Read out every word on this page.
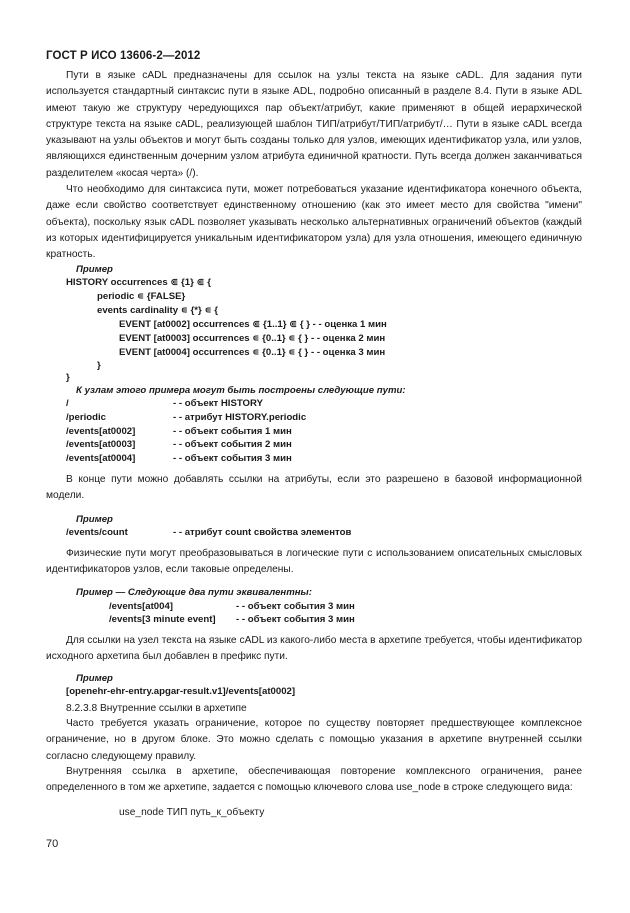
ГОСТ Р ИСО 13606-2—2012
Пути в языке cADL предназначены для ссылок на узлы текста на языке cADL. Для задания пути используется стандартный синтаксис пути в языке ADL, подробно описанный в разделе 8.4. Пути в языке ADL имеют такую же структуру чередующихся пар объект/атрибут, какие применяют в общей иерархической структуре текста на языке cADL, реализующей шаблон ТИП/атрибут/ТИП/атрибут/… Пути в языке cADL всегда указывают на узлы объектов и могут быть созданы только для узлов, имеющих идентификатор узла, или узлов, являющихся единственным дочерним узлом атрибута единичной кратности. Путь всегда должен заканчиваться разделителем «косая черта» (/).
Что необходимо для синтаксиса пути, может потребоваться указание идентификатора конечного объекта, даже если свойство соответствует единственному отношению (как это имеет место для свойства "имени" объекта), поскольку язык cADL позволяет указывать несколько альтернативных ограничений объектов (каждый из которых идентифицируется уникальным идентификатором узла) для узла отношения, имеющего единичную кратность.
Пример
HISTORY occurrences ⋐ {1} ⋐ {
periodic ∊ {FALSE}
events cardinality ∊ {*} ∊ {
EVENT [at0002] occurrences ⋐ {1..1} ⋐ { } - - оценка 1 мин
EVENT [at0003] occurrences ∊ {0..1} ∊ { } - - оценка 2 мин
EVENT [at0004] occurrences ∊ {0..1} ∊ { } - - оценка 3 мин
}
}
К узлам этого примера могут быть построены следующие пути:
/	- - объект HISTORY
/periodic	- - атрибут HISTORY.periodic
/events[at0002]	- - объект события 1 мин
/events[at0003]	- - объект события 2 мин
/events[at0004]	- - объект события 3 мин
В конце пути можно добавлять ссылки на атрибуты, если это разрешено в базовой информационной модели.
Пример
/events/count	- - атрибут count свойства элементов
Физические пути могут преобразовываться в логические пути с использованием описательных смысловых идентификаторов узлов, если таковые определены.
Пример — Следующие два пути эквивалентны:
/events[at004]	- - объект события 3 мин
/events[3 minute event] - - объект события 3 мин
Для ссылки на узел текста на языке cADL из какого-либо места в архетипе требуется, чтобы идентификатор исходного архетипа был добавлен в префикс пути.
Пример
[openehr-ehr-entry.apgar-result.v1]/events[at0002]
8.2.3.8 Внутренние ссылки в архетипе
Часто требуется указать ограничение, которое по существу повторяет предшествующее комплексное ограничение, но в другом блоке. Это можно сделать с помощью указания в архетипе внутренней ссылки согласно следующему правилу.
Внутренняя ссылка в архетипе, обеспечивающая повторение комплексного ограничения, ранее определенного в том же архетипе, задается с помощью ключевого слова use_node в строке следующего вида:
use_node ТИП путь_к_объекту
70
